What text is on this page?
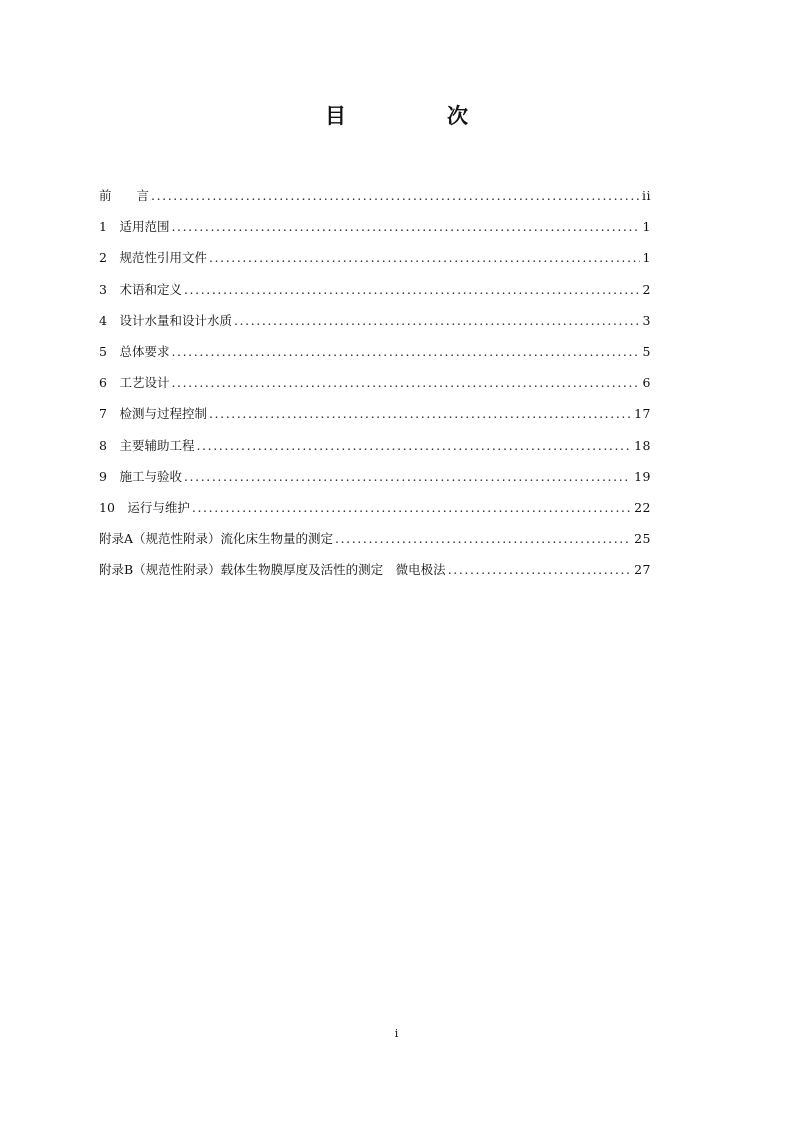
目　次
前　　言 .....	ii
1　适用范围 .....	1
2　规范性引用文件 .....	1
3　术语和定义 .....	2
4　设计水量和设计水质 .....	3
5　总体要求 .....	5
6　工艺设计 .....	6
7　检测与过程控制 .....	17
8　主要辅助工程 .....	18
9　施工与验收 .....	19
10　运行与维护 .....	22
附录A（规范性附录）流化床生物量的测定 .....	25
附录B（规范性附录）载体生物膜厚度及活性的测定　微电极法 .....	27
i
